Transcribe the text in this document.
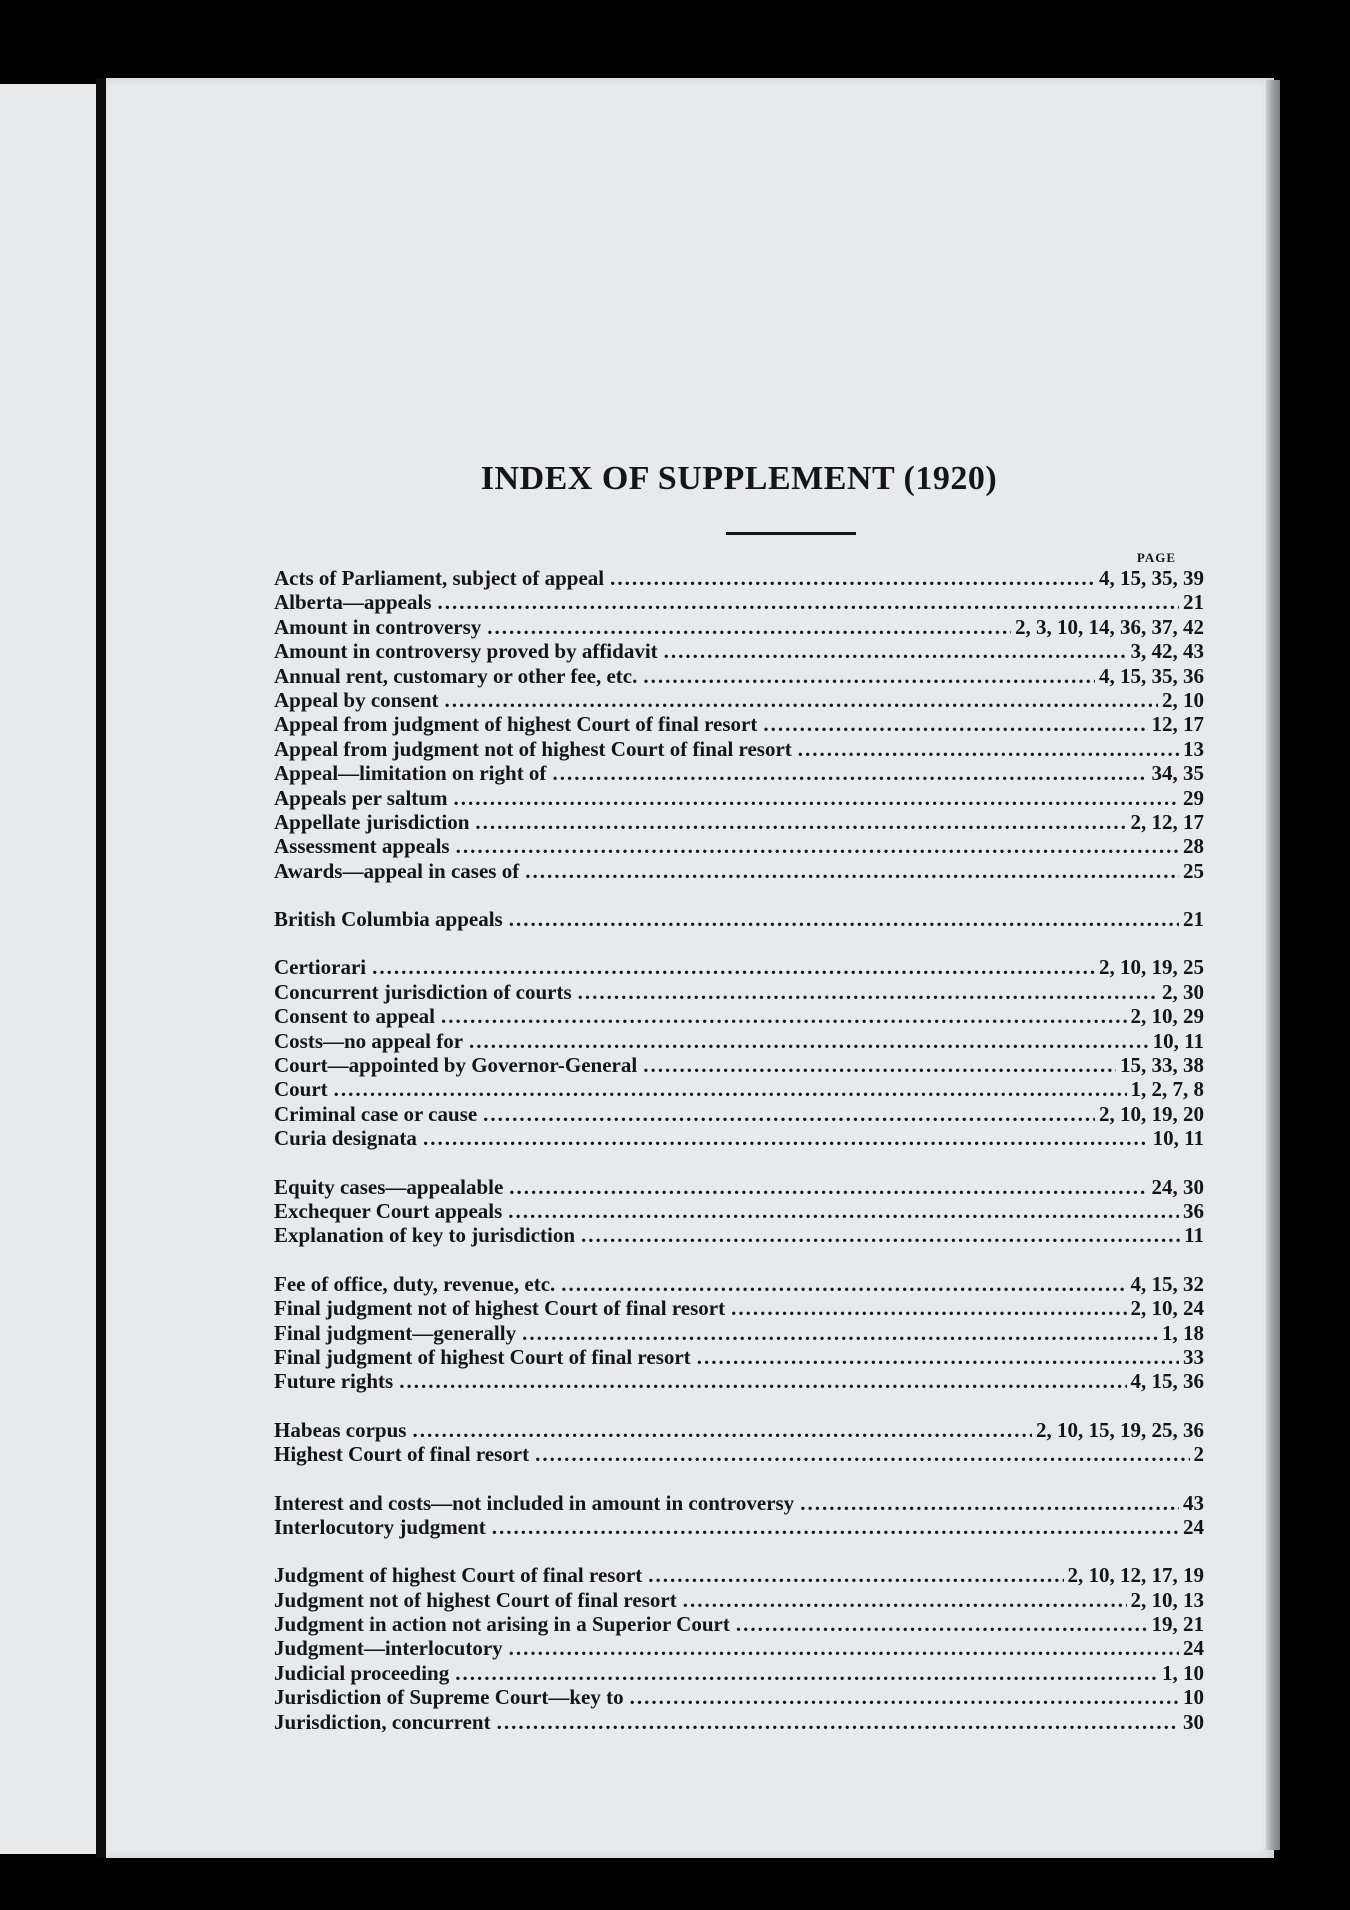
INDEX OF SUPPLEMENT (1920)
PAGE
Acts of Parliament, subject of appeal .....	4, 15, 35, 39
Alberta—appeals .....	21
Amount in controversy .....	2, 3, 10, 14, 36, 37, 42
Amount in controversy proved by affidavit .....	3, 42, 43
Annual rent, customary or other fee, etc. .....	4, 15, 35, 36
Appeal by consent .....	2, 10
Appeal from judgment of highest Court of final resort .....	12, 17
Appeal from judgment not of highest Court of final resort .....	13
Appeal—limitation on right of .....	34, 35
Appeals per saltum .....	29
Appellate jurisdiction .....	2, 12, 17
Assessment appeals .....	28
Awards—appeal in cases of .....	25
British Columbia appeals .....	21
Certiorari .....	2, 10, 19, 25
Concurrent jurisdiction of courts .....	2, 30
Consent to appeal .....	2, 10, 29
Costs—no appeal for .....	10, 11
Court—appointed by Governor-General .....	15, 33, 38
Court .....	1, 2, 7, 8
Criminal case or cause .....	2, 10, 19, 20
Curia designata .....	10, 11
Equity cases—appealable .....	24, 30
Exchequer Court appeals .....	36
Explanation of key to jurisdiction .....	11
Fee of office, duty, revenue, etc. .....	4, 15, 32
Final judgment not of highest Court of final resort .....	2, 10, 24
Final judgment—generally .....	1, 18
Final judgment of highest Court of final resort .....	33
Future rights .....	4, 15, 36
Habeas corpus .....	2, 10, 15, 19, 25, 36
Highest Court of final resort .....	2
Interest and costs—not included in amount in controversy .....	43
Interlocutory judgment .....	24
Judgment of highest Court of final resort .....	2, 10, 12, 17, 19
Judgment not of highest Court of final resort .....	2, 10, 13
Judgment in action not arising in a Superior Court .....	19, 21
Judgment—interlocutory .....	24
Judicial proceeding .....	1, 10
Jurisdiction of Supreme Court—key to .....	10
Jurisdiction, concurrent .....	30
